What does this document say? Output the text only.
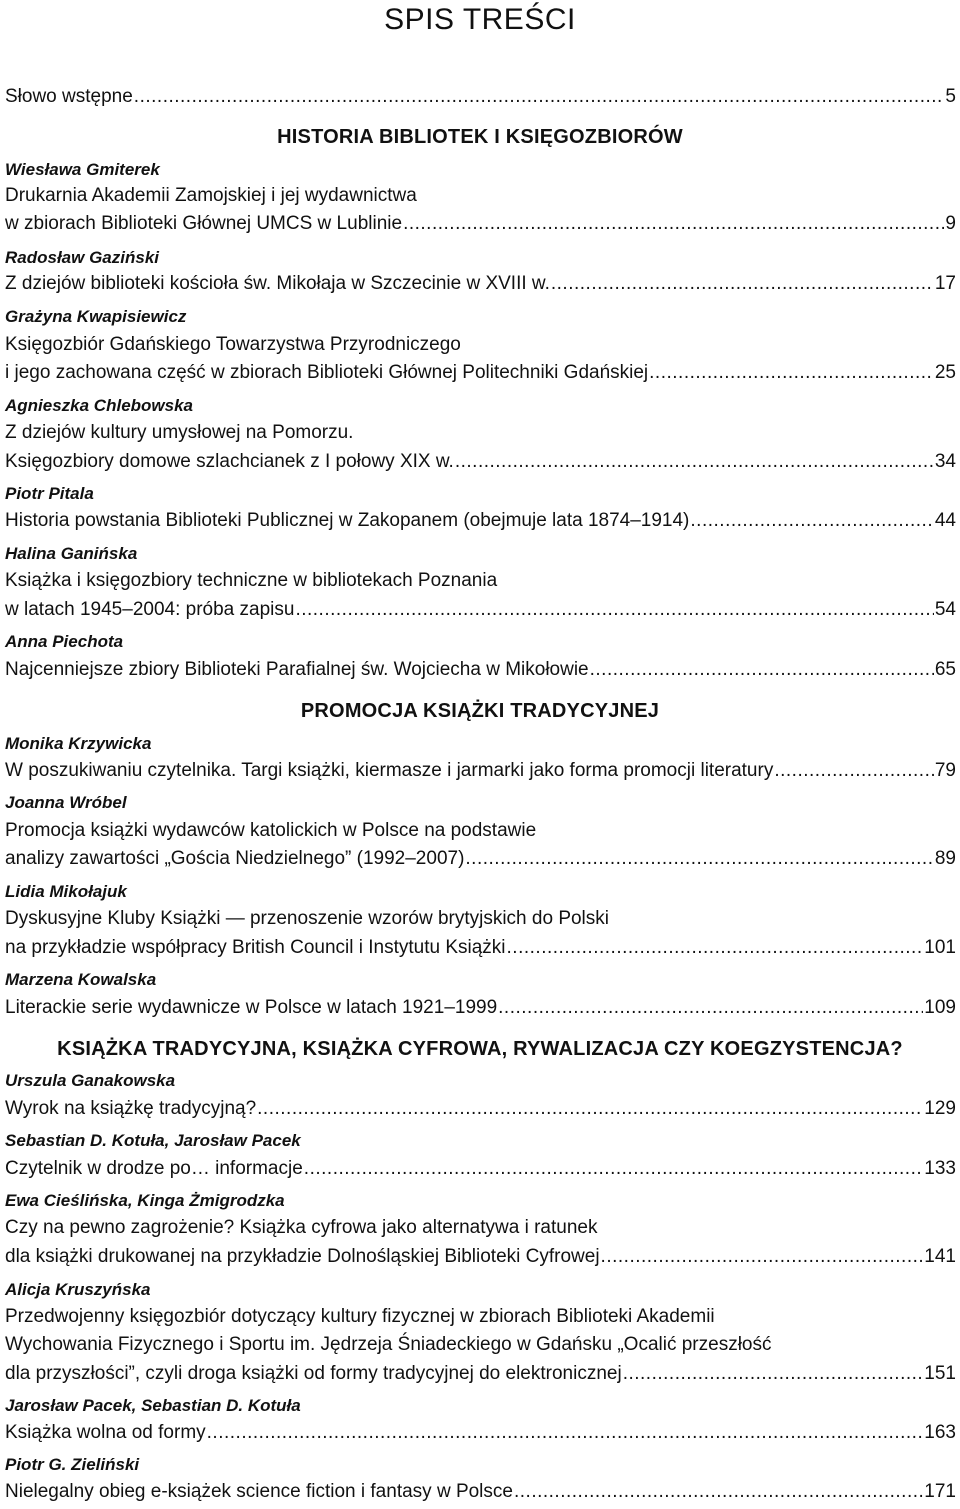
SPIS TREŚCI
Słowo wstępne .....	5
HISTORIA BIBLIOTEK I KSIĘGOZBIORÓW
Wiesława Gmiterek
Drukarnia Akademii Zamojskiej i jej wydawnictwa
w zbiorach Biblioteki Głównej UMCS w Lublinie .....	9
Radosław Gaziński
Z dziejów biblioteki kościoła św. Mikołaja w Szczecinie w XVIII w. .....	17
Grażyna Kwapisiewicz
Księgozbiór Gdańskiego Towarzystwa Przyrodniczego
i jego zachowana część w zbiorach Biblioteki Głównej Politechniki Gdańskiej .....	25
Agnieszka Chlebowska
Z dziejów kultury umysłowej na Pomorzu.
Księgozbiory domowe szlachcianek z I połowy XIX w. .....	34
Piotr Pitala
Historia powstania Biblioteki Publicznej w Zakopanem (obejmuje lata 1874–1914) .....	44
Halina Ganińska
Książka i księgozbiory techniczne w bibliotekach Poznania
w latach 1945–2004: próba zapisu .....	54
Anna Piechota
Najcenniejsze zbiory Biblioteki Parafialnej św. Wojciecha w Mikołowie .....	65
PROMOCJA KSIĄŻKI TRADYCYJNEJ
Monika Krzywicka
W poszukiwaniu czytelnika. Targi książki, kiermasze i jarmarki jako forma promocji literatury .....	79
Joanna Wróbel
Promocja książki wydawców katolickich w Polsce na podstawie
analizy zawartości „Gościa Niedzielnego” (1992–2007) .....	89
Lidia Mikołajuk
Dyskusyjne Kluby Książki — przenoszenie wzorów brytyjskich do Polski
na przykładzie współpracy British Council i Instytutu Książki .....	101
Marzena Kowalska
Literackie serie wydawnicze w Polsce w latach 1921–1999 .....	109
KSIĄŻKA TRADYCYJNA, KSIĄŻKA CYFROWA, RYWALIZACJA CZY KOEGZYSTENCJA?
Urszula Ganakowska
Wyrok na książkę tradycyjną? .....	129
Sebastian D. Kotuła, Jarosław Pacek
Czytelnik w drodze po… informacje .....	133
Ewa Cieślińska, Kinga Żmigrodzka
Czy na pewno zagrożenie? Książka cyfrowa jako alternatywa i ratunek
dla książki drukowanej na przykładzie Dolnośląskiej Biblioteki Cyfrowej .....	141
Alicja Kruszyńska
Przedwojenny księgozbiór dotyczący kultury fizycznej w zbiorach Biblioteki Akademii
Wychowania Fizycznego i Sportu im. Jędrzeja Śniadeckiego w Gdańsku „Ocalić przeszłość
dla przyszłości”, czyli droga książki od formy tradycyjnej do elektronicznej .....	151
Jarosław Pacek, Sebastian D. Kotuła
Książka wolna od formy .....	163
Piotr G. Zieliński
Nielegalny obieg e-książek science fiction i fantasy w Polsce .....	171
